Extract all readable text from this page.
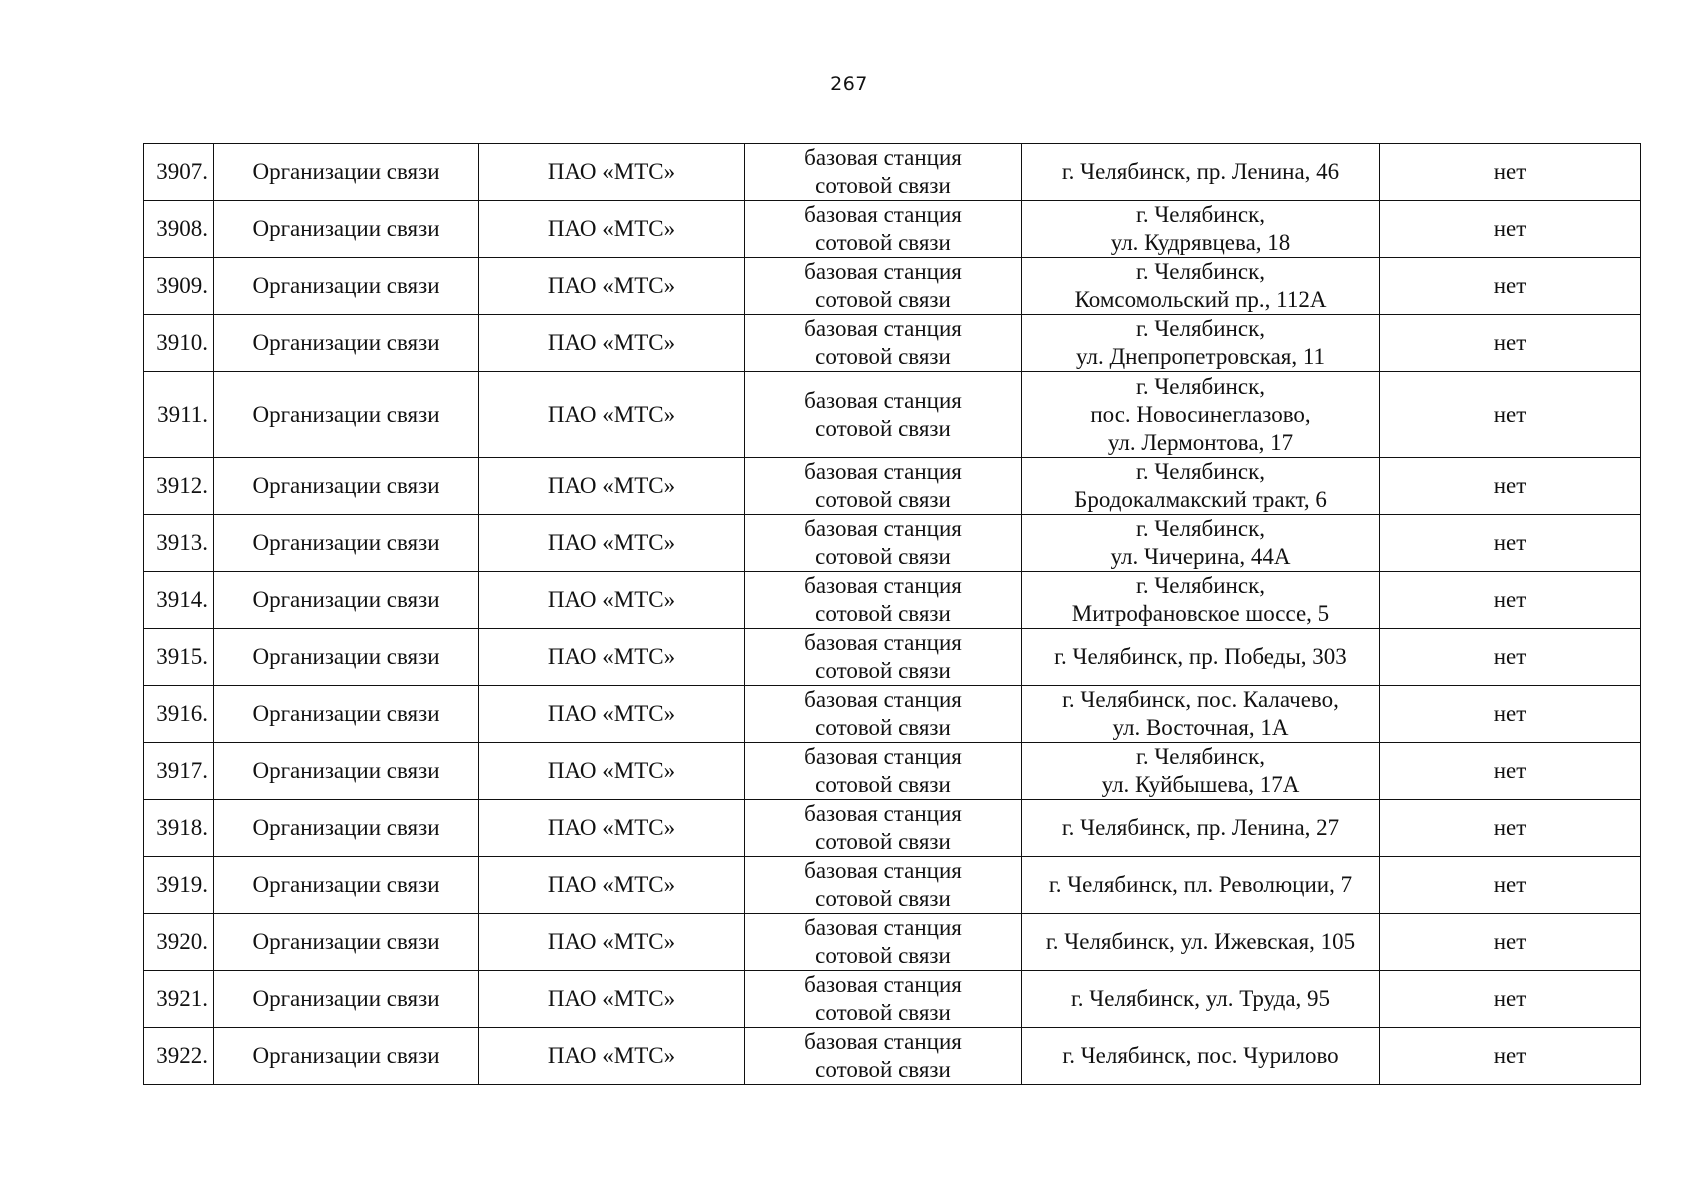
267
3907.	Организации связи	ПАО «МТС»	базовая станция
сотовой связи	г. Челябинск, пр. Ленина, 46	нет
3908.	Организации связи	ПАО «МТС»	базовая станция
сотовой связи	г. Челябинск,
ул. Кудрявцева, 18	нет
3909.	Организации связи	ПАО «МТС»	базовая станция
сотовой связи	г. Челябинск,
Комсомольский пр., 112А	нет
3910.	Организации связи	ПАО «МТС»	базовая станция
сотовой связи	г. Челябинск,
ул. Днепропетровская, 11	нет
3911.	Организации связи	ПАО «МТС»	базовая станция
сотовой связи	г. Челябинск,
пос. Новосинеглазово,
ул. Лермонтова, 17	нет
3912.	Организации связи	ПАО «МТС»	базовая станция
сотовой связи	г. Челябинск,
Бродокалмакский тракт, 6	нет
3913.	Организации связи	ПАО «МТС»	базовая станция
сотовой связи	г. Челябинск,
ул. Чичерина, 44А	нет
3914.	Организации связи	ПАО «МТС»	базовая станция
сотовой связи	г. Челябинск,
Митрофановское шоссе, 5	нет
3915.	Организации связи	ПАО «МТС»	базовая станция
сотовой связи	г. Челябинск, пр. Победы, 303	нет
3916.	Организации связи	ПАО «МТС»	базовая станция
сотовой связи	г. Челябинск, пос. Калачево,
ул. Восточная, 1А	нет
3917.	Организации связи	ПАО «МТС»	базовая станция
сотовой связи	г. Челябинск,
ул. Куйбышева, 17А	нет
3918.	Организации связи	ПАО «МТС»	базовая станция
сотовой связи	г. Челябинск, пр. Ленина, 27	нет
3919.	Организации связи	ПАО «МТС»	базовая станция
сотовой связи	г. Челябинск, пл. Революции, 7	нет
3920.	Организации связи	ПАО «МТС»	базовая станция
сотовой связи	г. Челябинск, ул. Ижевская, 105	нет
3921.	Организации связи	ПАО «МТС»	базовая станция
сотовой связи	г. Челябинск, ул. Труда, 95	нет
3922.	Организации связи	ПАО «МТС»	базовая станция
сотовой связи	г. Челябинск, пос. Чурилово	нет
